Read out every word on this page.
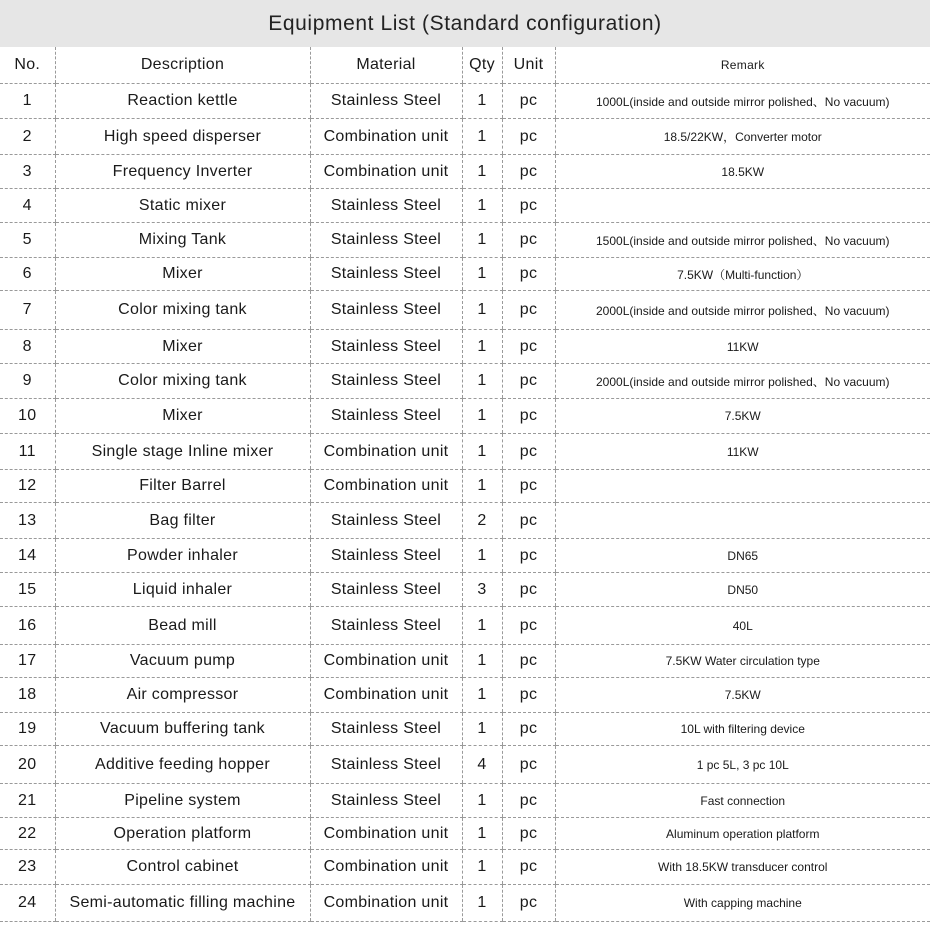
Equipment List (Standard configuration)
No.	Description	Material	Qty	Unit	Remark
1	Reaction kettle	Stainless Steel	1	pc	1000L(inside and outside mirror polished、No vacuum)
2	High speed disperser	Combination unit	1	pc	18.5/22KW，Converter motor
3	Frequency Inverter	Combination unit	1	pc	18.5KW
4	Static mixer	Stainless Steel	1	pc	
5	Mixing Tank	Stainless Steel	1	pc	1500L(inside and outside mirror polished、No vacuum)
6	Mixer	Stainless Steel	1	pc	7.5KW（Multi-function）
7	Color mixing tank	Stainless Steel	1	pc	2000L(inside and outside mirror polished、No vacuum)
8	Mixer	Stainless Steel	1	pc	11KW
9	Color mixing tank	Stainless Steel	1	pc	2000L(inside and outside mirror polished、No vacuum)
10	Mixer	Stainless Steel	1	pc	7.5KW
11	Single stage Inline mixer	Combination unit	1	pc	11KW
12	Filter Barrel	Combination unit	1	pc	
13	Bag filter	Stainless Steel	2	pc	
14	Powder inhaler	Stainless Steel	1	pc	DN65
15	Liquid inhaler	Stainless Steel	3	pc	DN50
16	Bead mill	Stainless Steel	1	pc	40L
17	Vacuum pump	Combination unit	1	pc	7.5KW Water circulation type
18	Air compressor	Combination unit	1	pc	7.5KW
19	Vacuum buffering tank	Stainless Steel	1	pc	10L with filtering device
20	Additive feeding hopper	Stainless Steel	4	pc	1 pc 5L, 3 pc 10L
21	Pipeline system	Stainless Steel	1	pc	Fast connection
22	Operation platform	Combination unit	1	pc	Aluminum operation platform
23	Control cabinet	Combination unit	1	pc	With 18.5KW transducer control
24	Semi-automatic filling machine	Combination unit	1	pc	With capping machine
